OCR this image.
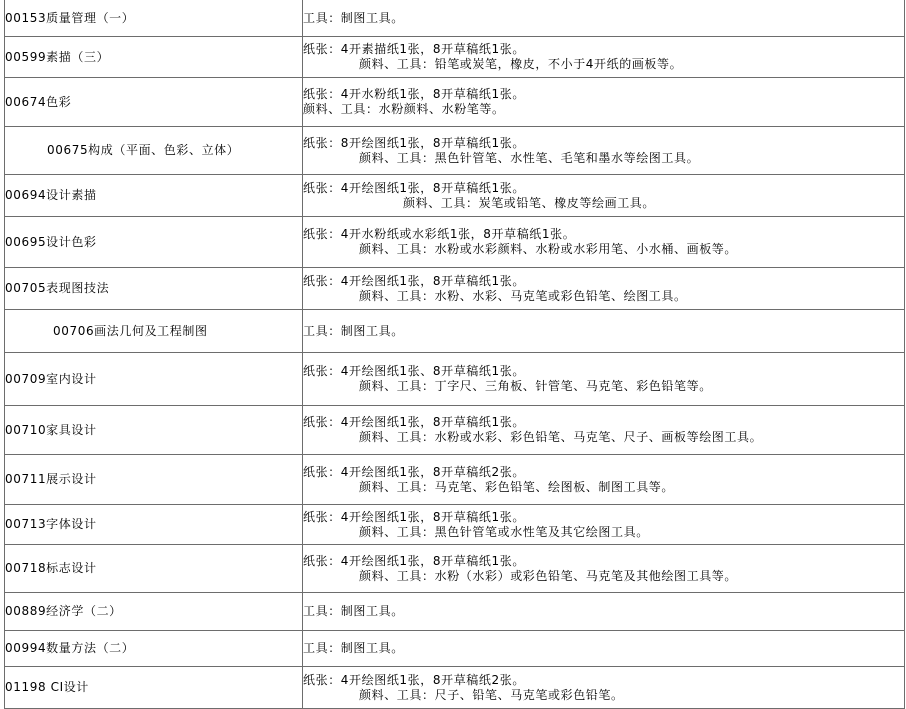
00153质量管理（一）	工具：制图工具。

00599素描（三）	纸张：4开素描纸1张，8开草稿纸1张。
颜料、工具：铅笔或炭笔，橡皮，不小于4开纸的画板等。

00674色彩	纸张：4开水粉纸1张，8开草稿纸1张。
颜料、工具：水粉颜料、水粉笔等。

00675构成（平面、色彩、立体）	纸张：8开绘图纸1张，8开草稿纸1张。
颜料、工具：黑色针管笔、水性笔、毛笔和墨水等绘图工具。

00694设计素描	纸张：4开绘图纸1张，8开草稿纸1张。
颜料、工具：炭笔或铅笔、橡皮等绘画工具。

00695设计色彩	纸张：4开水粉纸或水彩纸1张，8开草稿纸1张。
颜料、工具：水粉或水彩颜料、水粉或水彩用笔、小水桶、画板等。

00705表现图技法	纸张：4开绘图纸1张，8开草稿纸1张。
颜料、工具：水粉、水彩、马克笔或彩色铅笔、绘图工具。

00706画法几何及工程制图	工具：制图工具。

00709室内设计	纸张：4开绘图纸1张、8开草稿纸1张。
颜料、工具：丁字尺、三角板、针管笔、马克笔、彩色铅笔等。

00710家具设计	纸张：4开绘图纸1张，8开草稿纸1张。
颜料、工具：水粉或水彩、彩色铅笔、马克笔、尺子、画板等绘图工具。

00711展示设计	纸张：4开绘图纸1张，8开草稿纸2张。
颜料、工具：马克笔、彩色铅笔、绘图板、制图工具等。

00713字体设计	纸张：4开绘图纸1张，8开草稿纸1张。
颜料、工具：黑色针管笔或水性笔及其它绘图工具。

00718标志设计	纸张：4开绘图纸1张，8开草稿纸1张。
颜料、工具：水粉（水彩）或彩色铅笔、马克笔及其他绘图工具等。

00889经济学（二）	工具：制图工具。

00994数量方法（二）	工具：制图工具。

01198 CI设计	纸张：4开绘图纸1张，8开草稿纸2张。
颜料、工具：尺子、铅笔、马克笔或彩色铅笔。
